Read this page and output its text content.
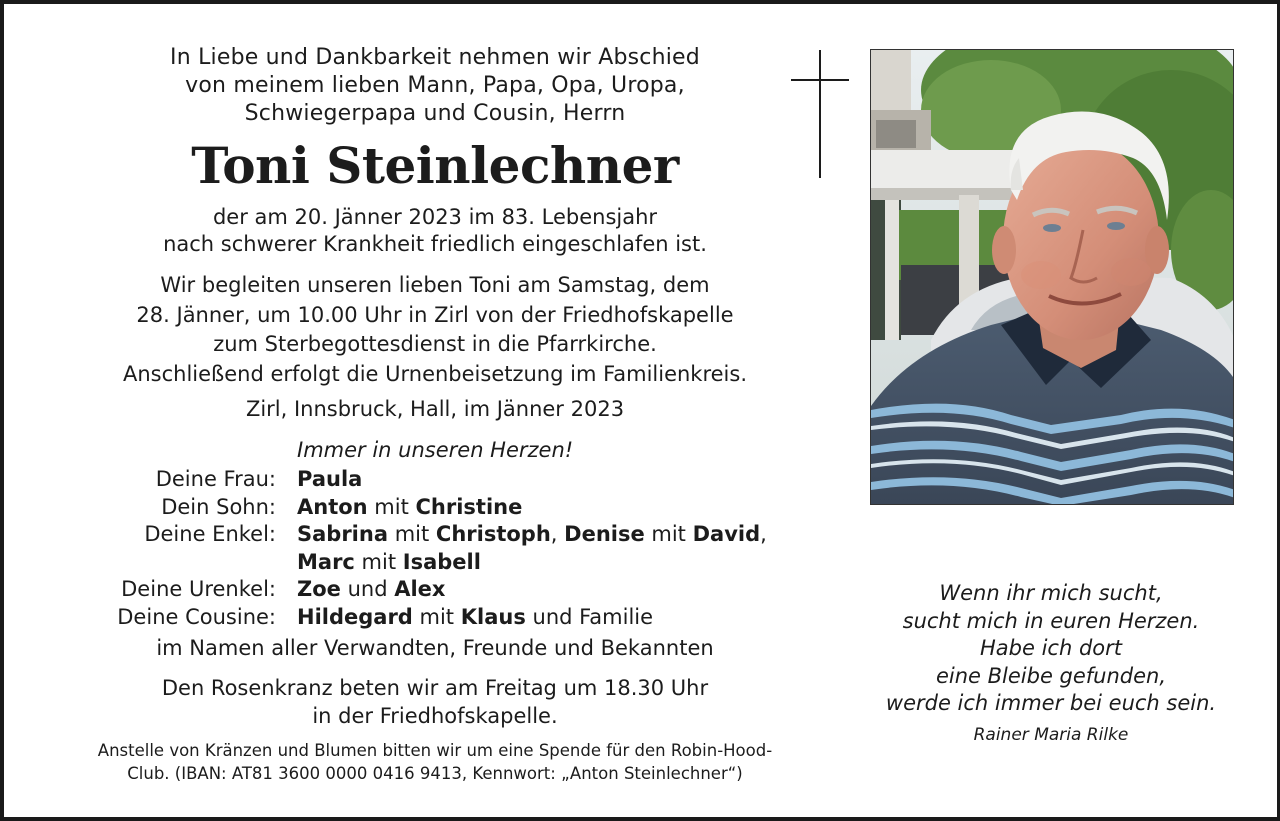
In Liebe und Dankbarkeit nehmen wir Abschied
von meinem lieben Mann, Papa, Opa, Uropa,
Schwiegerpapa und Cousin, Herrn
Toni Steinlechner
der am 20. Jänner 2023 im 83. Lebensjahr
nach schwerer Krankheit friedlich eingeschlafen ist.
Wir begleiten unseren lieben Toni am Samstag, dem
28. Jänner, um 10.00 Uhr in Zirl von der Friedhofskapelle
zum Sterbegottesdienst in die Pfarrkirche.
Anschließend erfolgt die Urnenbeisetzung im Familienkreis.
Zirl, Innsbruck, Hall, im Jänner 2023
Immer in unseren Herzen!
Deine Frau: Paula
Dein Sohn: Anton mit Christine
Deine Enkel: Sabrina mit Christoph, Denise mit David,
Marc mit Isabell
Deine Urenkel: Zoe und Alex
Deine Cousine: Hildegard mit Klaus und Familie
im Namen aller Verwandten, Freunde und Bekannten
Den Rosenkranz beten wir am Freitag um 18.30 Uhr
in der Friedhofskapelle.
Anstelle von Kränzen und Blumen bitten wir um eine Spende für den Robin-Hood-
Club. (IBAN: AT81 3600 0000 0416 9413, Kennwort: „Anton Steinlechner“)
Wenn ihr mich sucht,
sucht mich in euren Herzen.
Habe ich dort
eine Bleibe gefunden,
werde ich immer bei euch sein.
Rainer Maria Rilke
